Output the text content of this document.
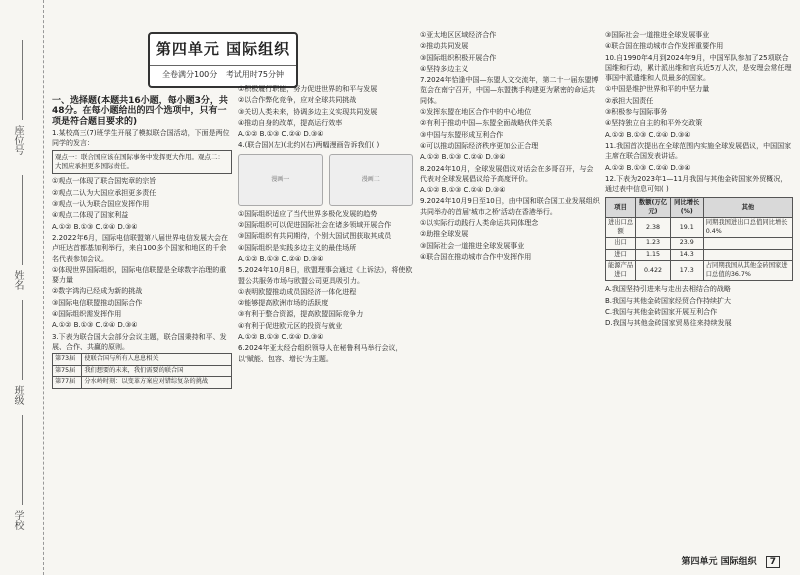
座位号
姓名
班级
学校
第四单元 国际组织
全卷满分100分 考试用时75分钟

一、选择题(本题共16小题，每小题3分，共48分。在每小题给出的四个选项中，只有一项是符合题目要求的)

1.某校高三(7)班学生开展了模拟联合国活动，下面是两位同学的发言：

观点一：联合国应该在国际事务中发挥更大作用。观点二：大国应承担更多国际责任。

①观点一体现了联合国宪章的宗旨

②观点二认为大国应承担更多责任

③观点一认为联合国应发挥作用

④观点二体现了国家利益

A.①② B.①③ C.②④ D.③④

2.2022年6月，国际电信联盟第八届世界电信发展大会在卢旺达首都基加利举行，来自100多个国家和地区的千余名代表参加会议。

①体现世界国际组织，国际电信联盟是全球数字治理的重要力量

②数字鸿沟已经成为新的挑战

③国际电信联盟推动国际合作

④国际组织需发挥作用

A.①② B.①③ C.②④ D.③④

3.下表为联合国大会部分会议主题，联合国秉持和平、发展、合作、共赢的原则。

第73届	使联合国与所有人息息相关
第75届	我们想要的未来，我们需要的联合国
第77届	分水岭时刻：以变革方案应对错综复杂的挑战

①积极履行职能，努力促进世界的和平与发展

②以合作弊化竞争，应对全球共同挑战

③关切人类未来，协调多边主义实现共同发展

④推动自身的改革，提高运行效率

A.①② B.①③ C.②④ D.③④

4.(联合国)(左)(北约)(右)两幅漫画告诉我们( )

漫画一	漫画二

①国际组织适应了当代世界多极化发展的趋势

②国际组织可以促进国际社会在诸多领域开展合作

③国际组织有共同期待，个别大国试图获取其成员

④国际组织是实践多边主义的最佳场所

A.①② B.①③ C.②④ D.③④

5.2024年10月8日，欧盟理事会通过《上诉法》，将使欧盟公共服务市场与欧盟公司更具吸引力。

①表明欧盟推动成员国经济一体化进程

②能够提高欧洲市场的活跃度

③有利于整合资源，提高欧盟国际竞争力

④有利于促进欧元区的投资与就业

A.①② B.①③ C.②④ D.③④

6.2024年亚太经合组织领导人在秘鲁利马举行会议，以'赋能、包容、增长'为主题。

①亚太地区区域经济合作

②推动共同发展

③国际组织积极开展合作

④坚持多边主义

7.2024年恰逢中国—东盟人文交流年，第二十一届东盟博览会在南宁召开，中国—东盟携手构建更为紧密的命运共同体。

①发挥东盟在地区合作中的中心地位

②有利于推动中国—东盟全面战略伙伴关系

③中国与东盟形成互利合作

④可以推动国际经济秩序更加公正合理

A.①② B.①③ C.②④ D.③④

8.2024年10月，全球发展倡议对话会在多哥召开，与会代表对全球发展倡议给予高度评价。

A.①② B.①③ C.②④ D.③④

9.2024年10月9日至10日，由中国和联合国工业发展组织共同举办的首届'城市之桥'活动在香港举行。

①以实际行动践行人类命运共同体理念

②助推全球发展

③国际社会一道推进全球发展事业

④联合国在推动城市合作中发挥作用

③国际社会一道推进全球发展事业

④联合国在推动城市合作发挥重要作用

10.自1990年4月到2024年9月，中国军队参加了25项联合国维和行动，累计派出维和官兵近5万人次，是安理会常任理事国中派遣维和人员最多的国家。

①中国是维护世界和平的中坚力量

②承担大国责任

③积极参与国际事务

④坚持独立自主的和平外交政策

A.①② B.①③ C.②④ D.③④

11.我国首次提出在全球范围内实施全球发展倡议，中国国家主席在联合国发表讲话。

A.①② B.①③ C.②④ D.③④

12.下表为2023年1—11月我国与其他金砖国家外贸概况，通过表中信息可知( )

项目	数额(万亿元)	同比增长(%)	其他
进出口总额	2.38	19.1	同期我国进出口总值同比增长0.4%
出口	1.23	23.9	
进口	1.15	14.3	
能源产品进口	0.422	17.3	占同期我国从其他金砖国家进口总值的36.7%

A.我国坚持引进来与走出去相结合的战略

B.我国与其他金砖国家经贸合作持续扩大

C.我国与其他金砖国家开展互利合作

D.我国与其他金砖国家贸易往来持续发展

第四单元 国际组织 7
